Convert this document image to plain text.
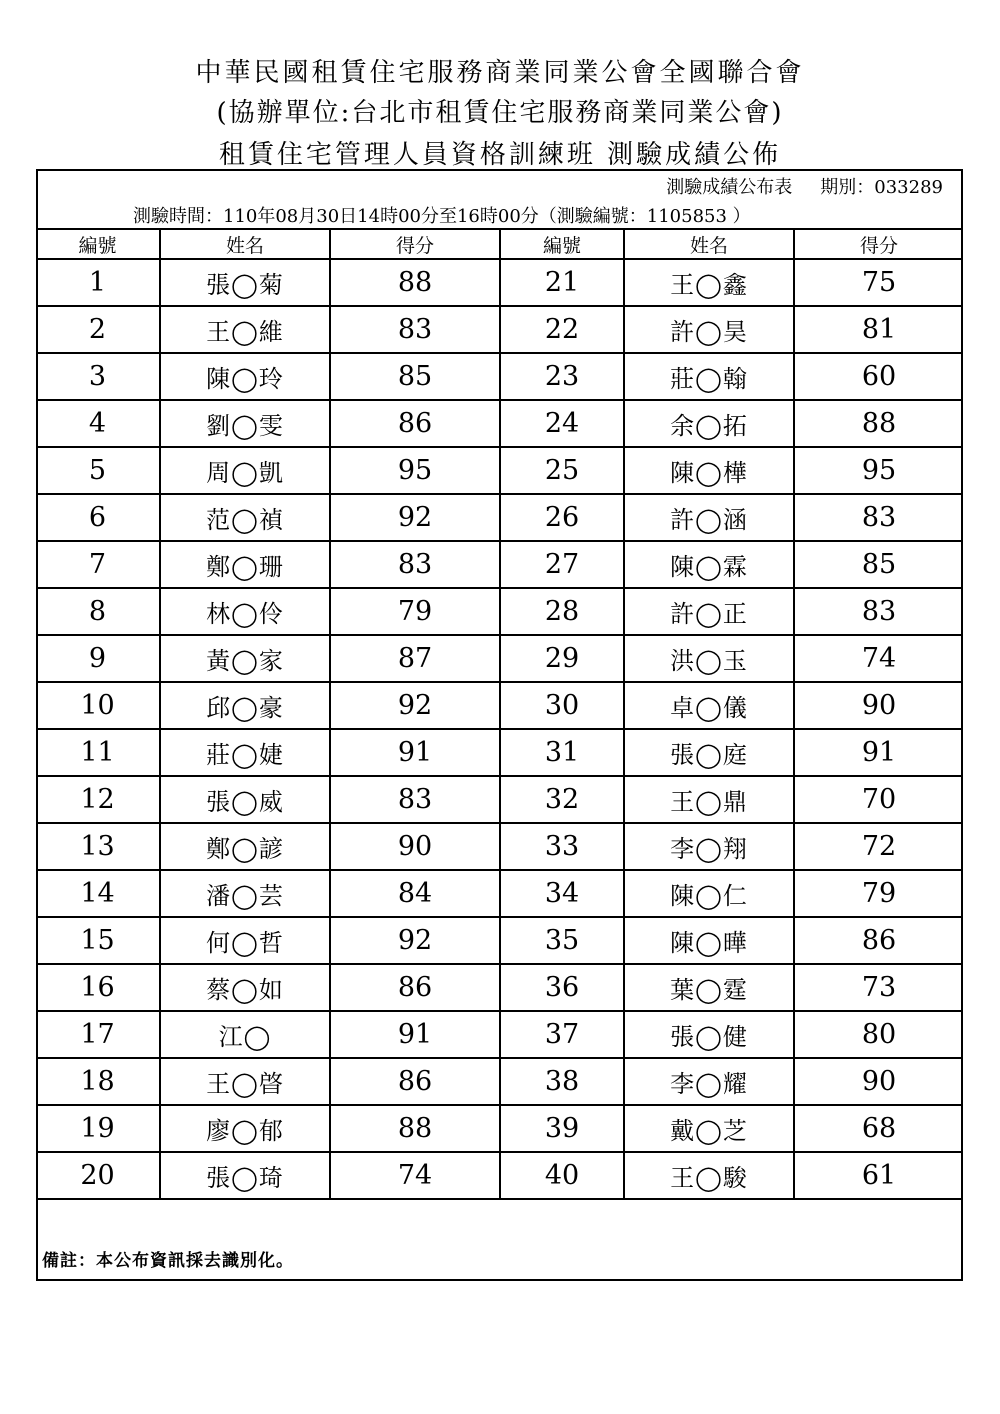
中華民國租賃住宅服務商業同業公會全國聯合會
(協辦單位:台北市租賃住宅服務商業同業公會)
租賃住宅管理人員資格訓練班 測驗成績公佈
測驗成績公布表 期別：033289
測驗時間：110年08月30日14時00分至16時00分（測驗編號：1105853 ）
編號	姓名	得分	編號	姓名	得分
1	張◯菊	88	21	王◯鑫	75
2	王◯維	83	22	許◯昊	81
3	陳◯玲	85	23	莊◯翰	60
4	劉◯雯	86	24	余◯拓	88
5	周◯凱	95	25	陳◯樺	95
6	范◯禎	92	26	許◯涵	83
7	鄭◯珊	83	27	陳◯霖	85
8	林◯伶	79	28	許◯正	83
9	黃◯家	87	29	洪◯玉	74
10	邱◯豪	92	30	卓◯儀	90
11	莊◯婕	91	31	張◯庭	91
12	張◯威	83	32	王◯鼎	70
13	鄭◯諺	90	33	李◯翔	72
14	潘◯芸	84	34	陳◯仁	79
15	何◯哲	92	35	陳◯曄	86
16	蔡◯如	86	36	葉◯霆	73
17	江◯	91	37	張◯健	80
18	王◯晵	86	38	李◯耀	90
19	廖◯郁	88	39	戴◯芝	68
20	張◯琦	74	40	王◯駿	61
備註：本公布資訊採去識別化。
